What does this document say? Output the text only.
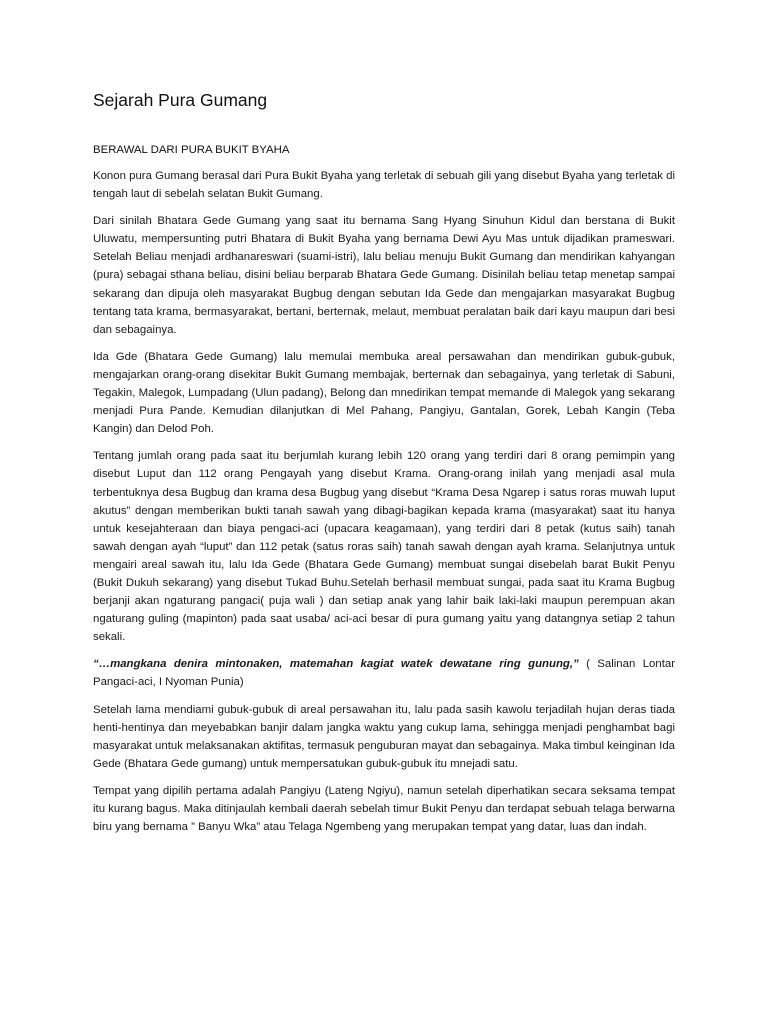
Sejarah Pura Gumang
BERAWAL DARI PURA BUKIT BYAHA

Konon pura Gumang berasal dari Pura Bukit Byaha yang terletak di sebuah gili yang disebut Byaha yang terletak di tengah laut di sebelah selatan Bukit Gumang.

Dari sinilah Bhatara Gede Gumang yang saat itu bernama Sang Hyang Sinuhun Kidul dan berstana di Bukit Uluwatu, mempersunting putri Bhatara di Bukit Byaha yang bernama Dewi Ayu Mas untuk dijadikan prameswari. Setelah Beliau menjadi ardhanareswari (suami-istri), lalu beliau menuju Bukit Gumang dan mendirikan kahyangan (pura) sebagai sthana beliau, disini beliau berparab Bhatara Gede Gumang. Disinilah beliau tetap menetap sampai sekarang dan dipuja oleh masyarakat Bugbug dengan sebutan Ida Gede dan mengajarkan masyarakat Bugbug tentang tata krama, bermasyarakat, bertani, berternak, melaut, membuat peralatan baik dari kayu maupun dari besi dan sebagainya.

Ida Gde (Bhatara Gede Gumang) lalu memulai membuka areal persawahan dan mendirikan gubuk-gubuk, mengajarkan orang-orang disekitar Bukit Gumang membajak, berternak dan sebagainya, yang terletak di Sabuni, Tegakin, Malegok, Lumpadang (Ulun padang), Belong dan mnedirikan tempat memande di Malegok yang sekarang menjadi Pura Pande. Kemudian dilanjutkan di Mel Pahang, Pangiyu, Gantalan, Gorek, Lebah Kangin (Teba Kangin) dan Delod Poh.

Tentang jumlah orang pada saat itu berjumlah kurang lebih 120 orang yang terdiri dari 8 orang pemimpin yang disebut Luput dan 112 orang Pengayah yang disebut Krama. Orang-orang inilah yang menjadi asal mula terbentuknya desa Bugbug dan krama desa Bugbug yang disebut “Krama Desa Ngarep i satus roras muwah luput akutus” dengan memberikan bukti tanah sawah yang dibagi-bagikan kepada krama (masyarakat) saat itu hanya untuk kesejahteraan dan biaya pengaci-aci (upacara keagamaan), yang terdiri dari 8 petak (kutus saih) tanah sawah dengan ayah “luput” dan 112 petak (satus roras saih) tanah sawah dengan ayah krama. Selanjutnya untuk mengairi areal sawah itu, lalu Ida Gede (Bhatara Gede Gumang) membuat sungai disebelah barat Bukit Penyu (Bukit Dukuh sekarang) yang disebut Tukad Buhu.Setelah berhasil membuat sungai, pada saat itu Krama Bugbug berjanji akan ngaturang pangaci( puja wali ) dan setiap anak yang lahir baik laki-laki maupun perempuan akan ngaturang guling (mapinton) pada saat usaba/ aci-aci besar di pura gumang yaitu yang datangnya setiap 2 tahun sekali.

“…mangkana denira mintonaken, matemahan kagiat watek dewatane ring gunung,” ( Salinan Lontar Pangaci-aci, I Nyoman Punia)

Setelah lama mendiami gubuk-gubuk di areal persawahan itu, lalu pada sasih kawolu terjadilah hujan deras tiada henti-hentinya dan meyebabkan banjir dalam jangka waktu yang cukup lama, sehingga menjadi penghambat bagi masyarakat untuk melaksanakan aktifitas, termasuk penguburan mayat dan sebagainya. Maka timbul keinginan Ida Gede (Bhatara Gede gumang) untuk mempersatukan gubuk-gubuk itu mnejadi satu.

Tempat yang dipilih pertama adalah Pangiyu (Lateng Ngiyu), namun setelah diperhatikan secara seksama tempat itu kurang bagus. Maka ditinjaulah kembali daerah sebelah timur Bukit Penyu dan terdapat sebuah telaga berwarna biru yang bernama ” Banyu Wka” atau Telaga Ngembeng yang merupakan tempat yang datar, luas dan indah.
